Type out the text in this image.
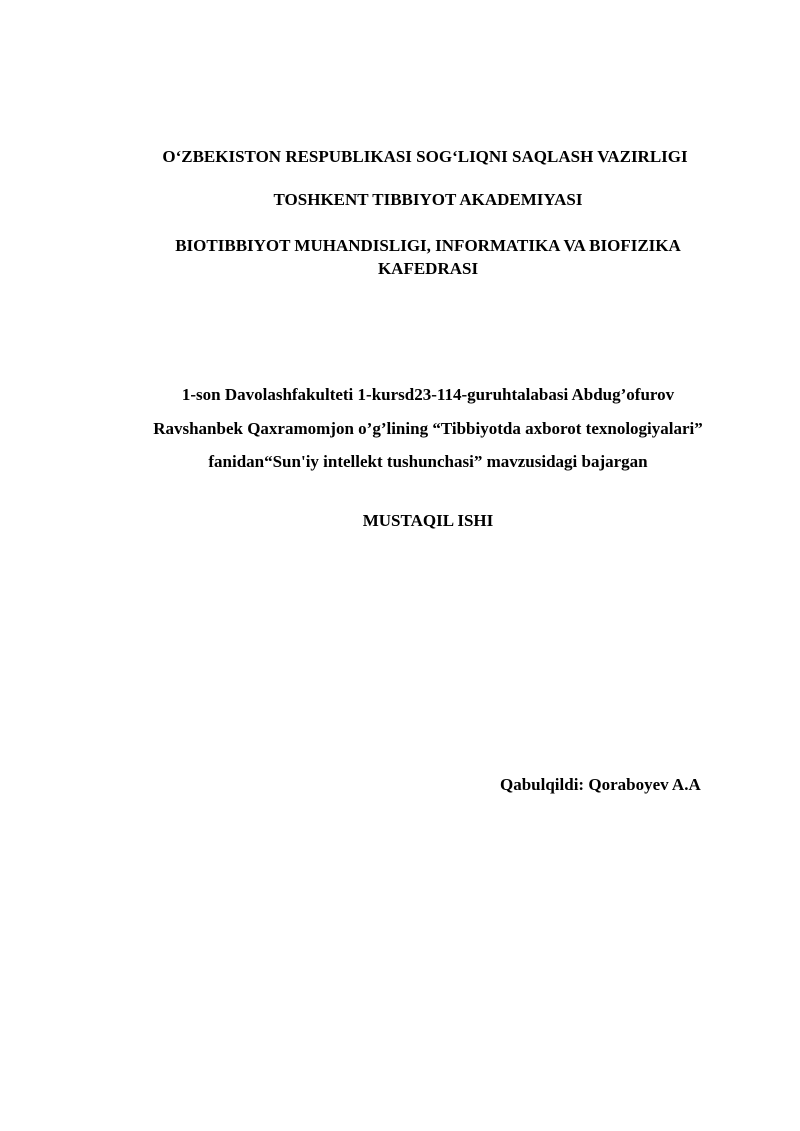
O‘ZBEKISTON RESPUBLIKASI SOG‘LIQNI SAQLASH VAZIRLIGI
TOSHKENT TIBBIYOT AKADEMIYASI
BIOTIBBIYOT MUHANDISLIGI, INFORMATIKA VA BIOFIZIKA
KAFEDRASI
1-son Davolashfakulteti 1-kursd23-114-guruhtalabasi Abdug’ofurov
Ravshanbek Qaxramomjon o’g’lining “Tibbiyotda axborot texnologiyalari”
fanidan“Sun'iy intellekt tushunchasi” mavzusidagi bajargan
MUSTAQIL ISHI
Qabulqildi: Qoraboyev A.A
